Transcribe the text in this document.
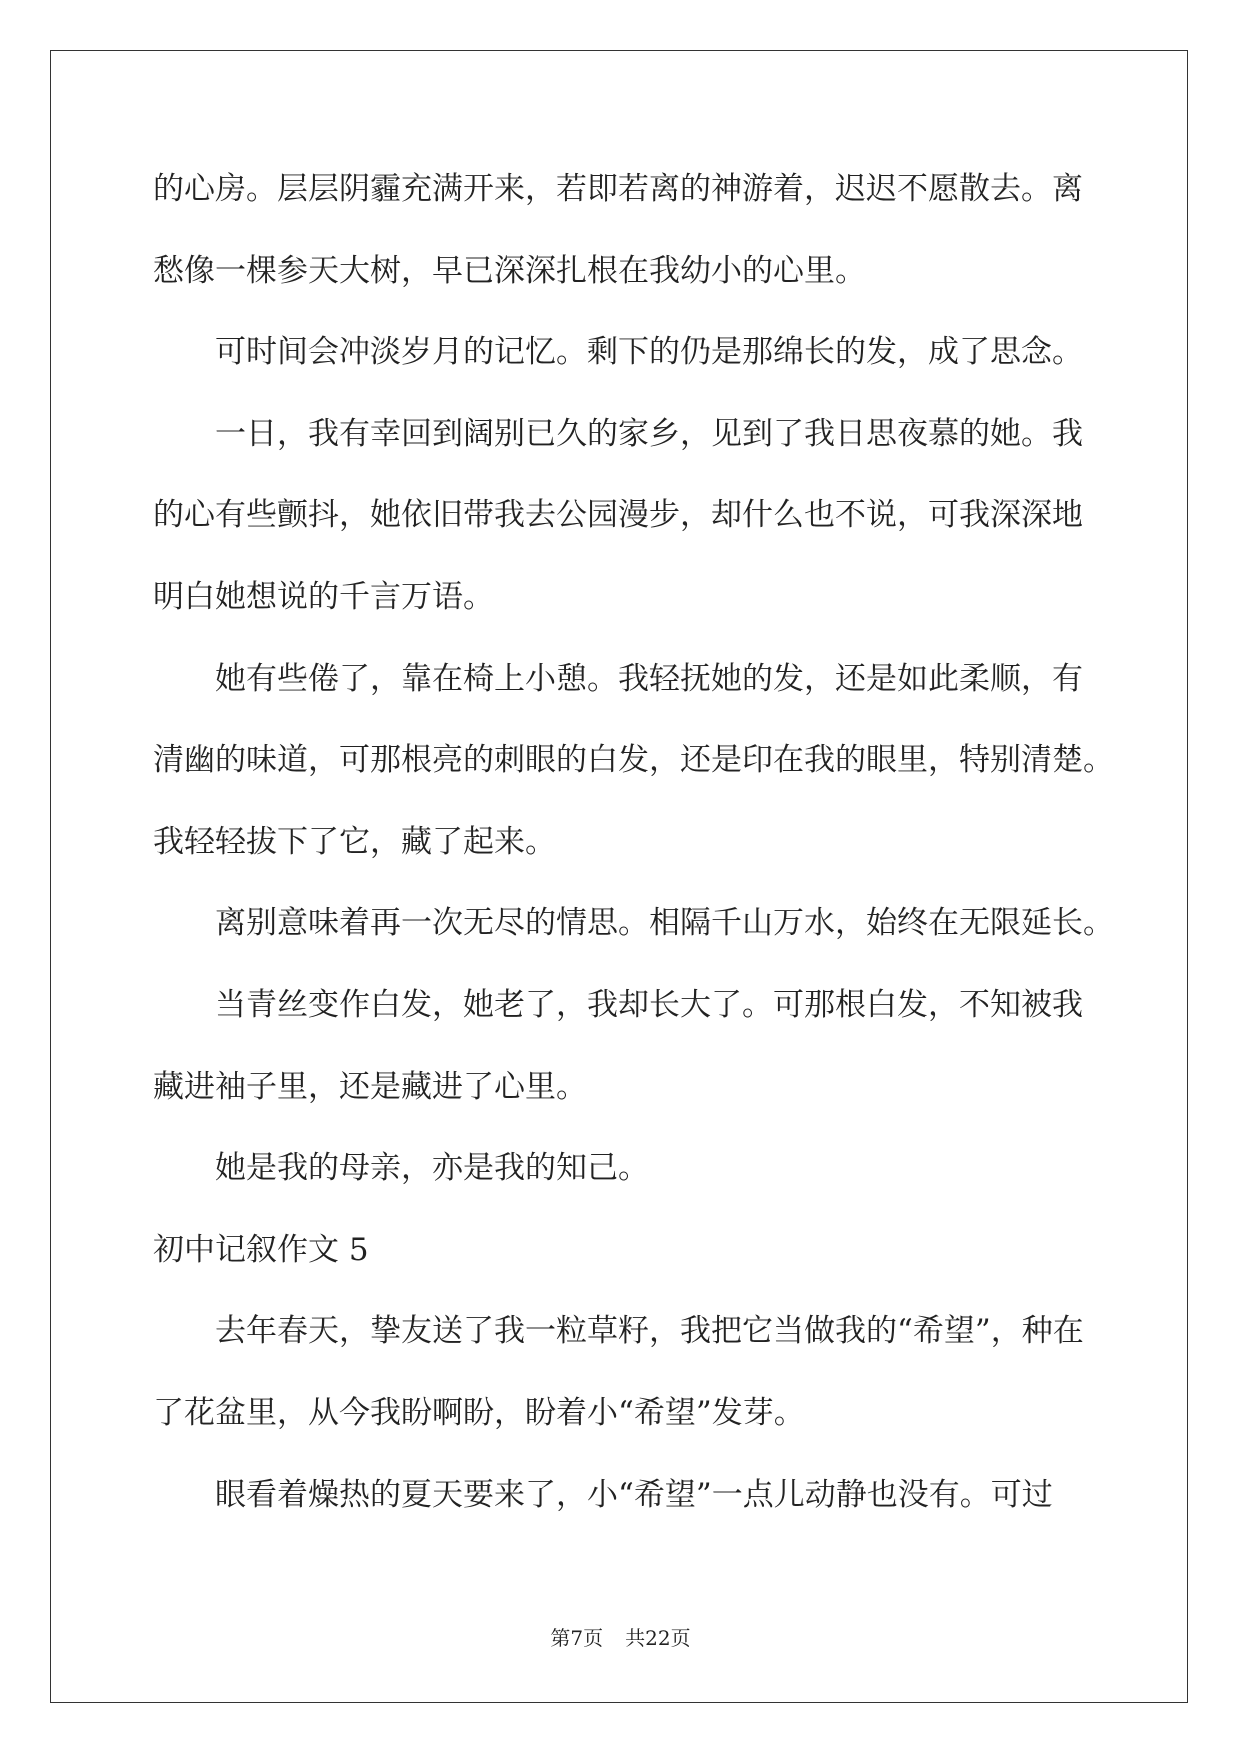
的心房。层层阴霾充满开来，若即若离的神游着，迟迟不愿散去。离
愁像一棵参天大树，早已深深扎根在我幼小的心里。
可时间会冲淡岁月的记忆。剩下的仍是那绵长的发，成了思念。
一日，我有幸回到阔别已久的家乡，见到了我日思夜慕的她。我
的心有些颤抖，她依旧带我去公园漫步，却什么也不说，可我深深地
明白她想说的千言万语。
她有些倦了，靠在椅上小憩。我轻抚她的发，还是如此柔顺，有
清幽的味道，可那根亮的刺眼的白发，还是印在我的眼里，特别清楚。
我轻轻拔下了它，藏了起来。
离别意味着再一次无尽的情思。相隔千山万水，始终在无限延长。
当青丝变作白发，她老了，我却长大了。可那根白发，不知被我
藏进袖子里，还是藏进了心里。
她是我的母亲，亦是我的知己。
初中记叙作文 5
去年春天，挚友送了我一粒草籽，我把它当做我的“希望”，种在
了花盆里，从今我盼啊盼，盼着小“希望”发芽。
眼看着燥热的夏天要来了，小“希望”一点儿动静也没有。可过
第7页 共22页
